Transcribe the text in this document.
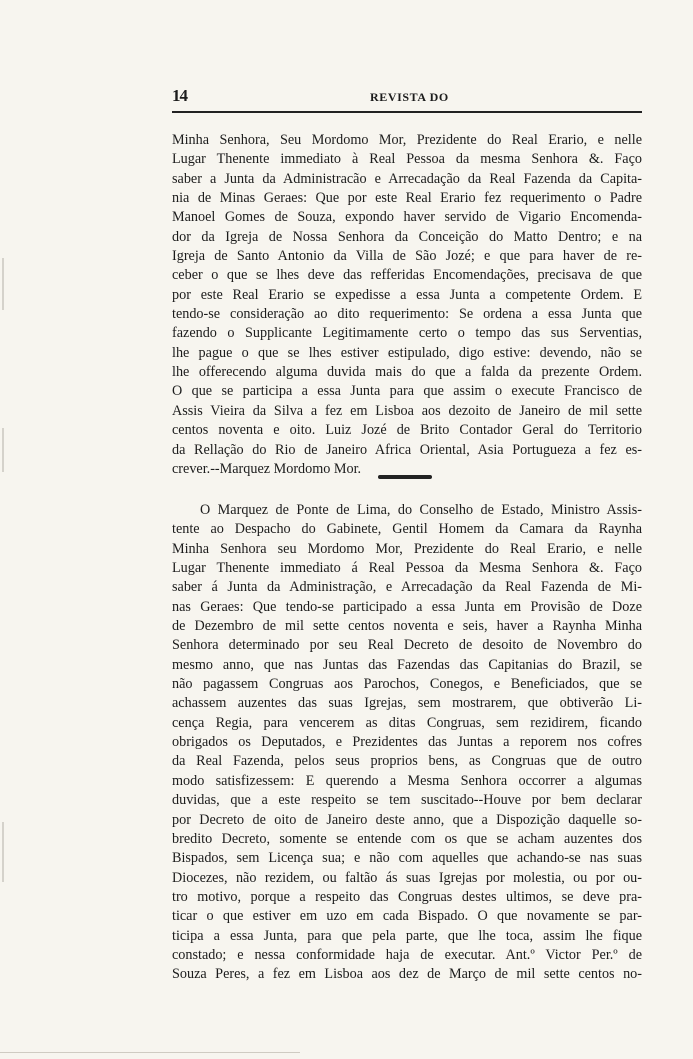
14	REVISTA DO
Minha Senhora, Seu Mordomo Mor, Prezidente do Real Erario, e nelle
Lugar Thenente immediato à Real Pessoa da mesma Senhora &. Faço
saber a Junta da Administracão e Arrecadação da Real Fazenda da Capita-
nia de Minas Geraes: Que por este Real Erario fez requerimento o Padre
Manoel Gomes de Souza, expondo haver servido de Vigario Encomenda-
dor da Igreja de Nossa Senhora da Conceição do Matto Dentro; e na
Igreja de Santo Antonio da Villa de São Jozé; e que para haver de re-
ceber o que se lhes deve das refferidas Encomendações, precisava de que
por este Real Erario se expedisse a essa Junta a competente Ordem. E
tendo-se consideração ao dito requerimento: Se ordena a essa Junta que
fazendo o Supplicante Legitimamente certo o tempo das sus Serventias,
lhe pague o que se lhes estiver estipulado, digo estive: devendo, não se
lhe offerecendo alguma duvida mais do que a falda da prezente Ordem.
O que se participa a essa Junta para que assim o execute Francisco de
Assis Vieira da Silva a fez em Lisboa aos dezoito de Janeiro de mil sette
centos noventa e oito. Luiz Jozé de Brito Contador Geral do Territorio
da Rellação do Rio de Janeiro Africa Oriental, Asia Portugueza a fez es-
crever.--Marquez Mordomo Mor.
O Marquez de Ponte de Lima, do Conselho de Estado, Ministro Assis-
tente ao Despacho do Gabinete, Gentil Homem da Camara da Raynha
Minha Senhora seu Mordomo Mor, Prezidente do Real Erario, e nelle
Lugar Thenente immediato á Real Pessoa da Mesma Senhora &. Faço
saber á Junta da Administração, e Arrecadação da Real Fazenda de Mi-
nas Geraes: Que tendo-se participado a essa Junta em Provisão de Doze
de Dezembro de mil sette centos noventa e seis, haver a Raynha Minha
Senhora determinado por seu Real Decreto de desoito de Novembro do
mesmo anno, que nas Juntas das Fazendas das Capitanias do Brazil, se
não pagassem Congruas aos Parochos, Conegos, e Beneficiados, que se
achassem auzentes das suas Igrejas, sem mostrarem, que obtiverão Li-
cença Regia, para vencerem as ditas Congruas, sem rezidirem, ficando
obrigados os Deputados, e Prezidentes das Juntas a reporem nos cofres
da Real Fazenda, pelos seus proprios bens, as Congruas que de outro
modo satisfizessem: E querendo a Mesma Senhora occorrer a algumas
duvidas, que a este respeito se tem suscitado--Houve por bem declarar
por Decreto de oito de Janeiro deste anno, que a Dispozição daquelle so-
bredito Decreto, somente se entende com os que se acham auzentes dos
Bispados, sem Licença sua; e não com aquelles que achando-se nas suas
Diocezes, não rezidem, ou faltão ás suas Igrejas por molestia, ou por ou-
tro motivo, porque a respeito das Congruas destes ultimos, se deve pra-
ticar o que estiver em uzo em cada Bispado. O que novamente se par-
ticipa a essa Junta, para que pela parte, que lhe toca, assim lhe fique
constado; e nessa conformidade haja de executar. Ant.º Victor Per.º de
Souza Peres, a fez em Lisboa aos dez de Março de mil sette centos no-
